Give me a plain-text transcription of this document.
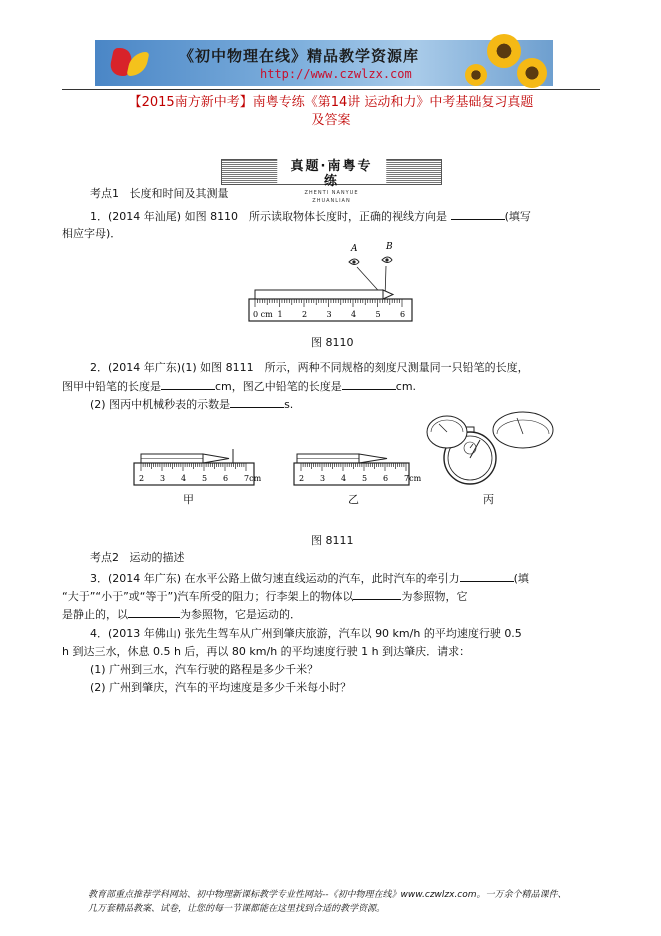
《初中物理在线》精品教学资源库
http://www.czwlzx.com
【2015南方新中考】南粤专练《第14讲 运动和力》中考基础复习真题
及答案
真题·南粤专练
ZHENTI NANYUE ZHUANLIAN
考点1 长度和时间及其测量
1．(2014 年汕尾) 如图 8110　所示读取物体长度时，正确的视线方向是	(填写
相应字母)．
A	B
0 cm 1 2 3 4 5 6
图 8110
2．(2014 年广东)(1) 如图 8111　所示，两种不同规格的刻度尺测量同一只铅笔的长度，
图甲中铅笔的长度是	cm，图乙中铅笔的长度是	cm.
(2) 图丙中机械秒表的示数是	s.
2 3 4 5 6 7cm
甲
2 3 4 5 6 7cm
乙	丙
图 8111
考点2 运动的描述
3．(2014 年广东) 在水平公路上做匀速直线运动的汽车，此时汽车的牵引力	(填
“大于”“小于”或“等于”)汽车所受的阻力；行李架上的物体以	为参照物，它
是静止的，以	为参照物，它是运动的．
4．(2013 年佛山) 张先生驾车从广州到肇庆旅游，汽车以 90 km/h 的平均速度行驶 0.5
h 到达三水，休息 0.5 h 后，再以 80 km/h 的平均速度行驶 1 h 到达肇庆．请求：
(1) 广州到三水，汽车行驶的路程是多少千米？
(2) 广州到肇庆，汽车的平均速度是多少千米每小时？
教育部重点推荐学科网站、初中物理新课标教学专业性网站--《初中物理在线》www.czwlzx.com。一万余个精品课件、
几万套精品教案、试卷，让您的每一节课都能在这里找到合适的教学资源。
